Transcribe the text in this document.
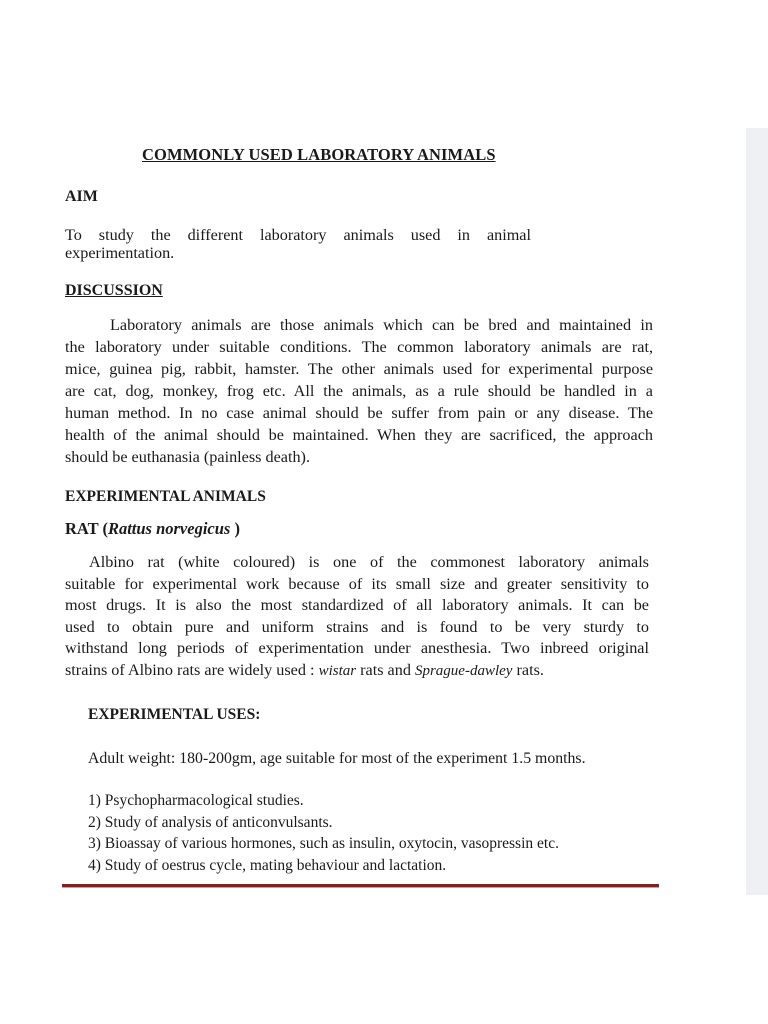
COMMONLY USED LABORATORY ANIMALS
AIM
To study the different laboratory animals used in animal
experimentation.
DISCUSSION
Laboratory animals are those animals which can be bred and maintained in
the laboratory under suitable conditions. The common laboratory animals are rat,
mice, guinea pig, rabbit, hamster. The other animals used for experimental purpose
are cat, dog, monkey, frog etc. All the animals, as a rule should be handled in a
human method. In no case animal should be suffer from pain or any disease. The
health of the animal should be maintained. When they are sacrificed, the approach
should be euthanasia (painless death).
EXPERIMENTAL ANIMALS
RAT (Rattus norvegicus )
Albino rat (white coloured) is one of the commonest laboratory animals
suitable for experimental work because of its small size and greater sensitivity to
most drugs. It is also the most standardized of all laboratory animals. It can be
used to obtain pure and uniform strains and is found to be very sturdy to
withstand long periods of experimentation under anesthesia. Two inbreed original
strains of Albino rats are widely used : wistar rats and Sprague-dawley rats.
EXPERIMENTAL USES:
Adult weight: 180-200gm, age suitable for most of the experiment 1.5 months.
1) Psychopharmacological studies.
2) Study of analysis of anticonvulsants.
3) Bioassay of various hormones, such as insulin, oxytocin, vasopressin etc.
4) Study of oestrus cycle, mating behaviour and lactation.
